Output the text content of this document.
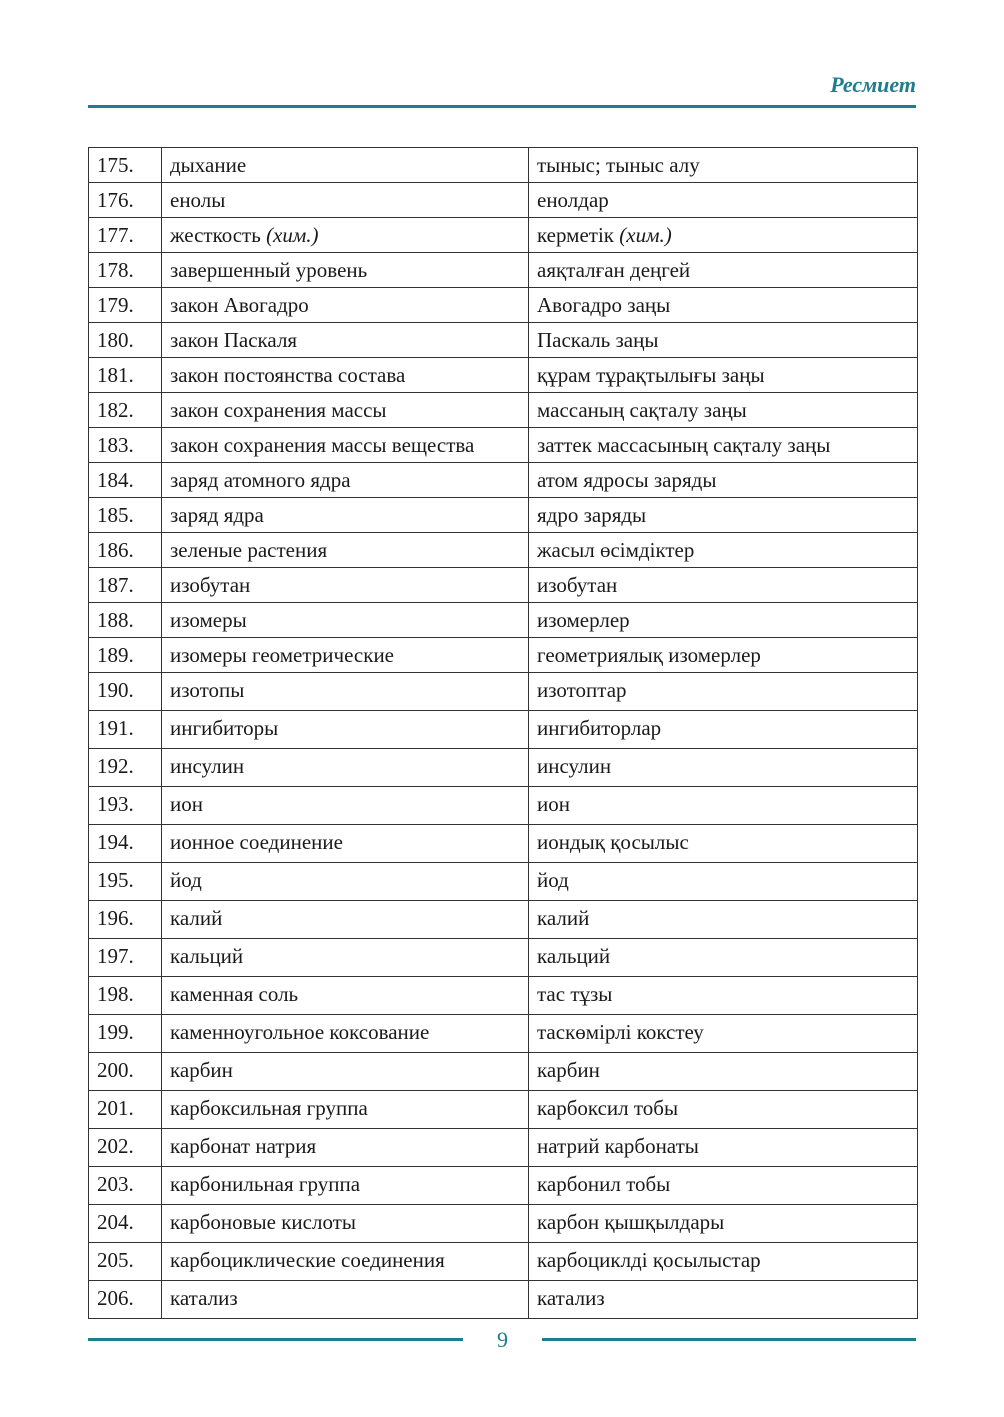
Ресмиет
175.	дыхание	тыныс; тыныс алу
176.	енолы	енолдар
177.	жесткость (хим.)	керметік (хим.)
178.	завершенный уровень	аяқталған деңгей
179.	закон Авогадро	Авогадро заңы
180.	закон Паскаля	Паскаль заңы
181.	закон постоянства состава	құрам тұрақтылығы заңы
182.	закон сохранения массы	массаның сақталу заңы
183.	закон сохранения массы вещества	заттек массасының сақталу заңы
184.	заряд атомного ядра	атом ядросы заряды
185.	заряд ядра	ядро заряды
186.	зеленые растения	жасыл өсімдіктер
187.	изобутан	изобутан
188.	изомеры	изомерлер
189.	изомеры геометрические	геометриялық изомерлер
190.	изотопы	изотоптар
191.	ингибиторы	ингибиторлар
192.	инсулин	инсулин
193.	ион	ион
194.	ионное соединение	иондық қосылыс
195.	йод	йод
196.	калий	калий
197.	кальций	кальций
198.	каменная соль	тас тұзы
199.	каменноугольное коксование	таскөмірлі кокстеу
200.	карбин	карбин
201.	карбоксильная группа	карбоксил тобы
202.	карбонат натрия	натрий карбонаты
203.	карбонильная группа	карбонил тобы
204.	карбоновые кислоты	карбон қышқылдары
205.	карбоциклические соединения	карбоциклді қосылыстар
206.	катализ	катализ
9
